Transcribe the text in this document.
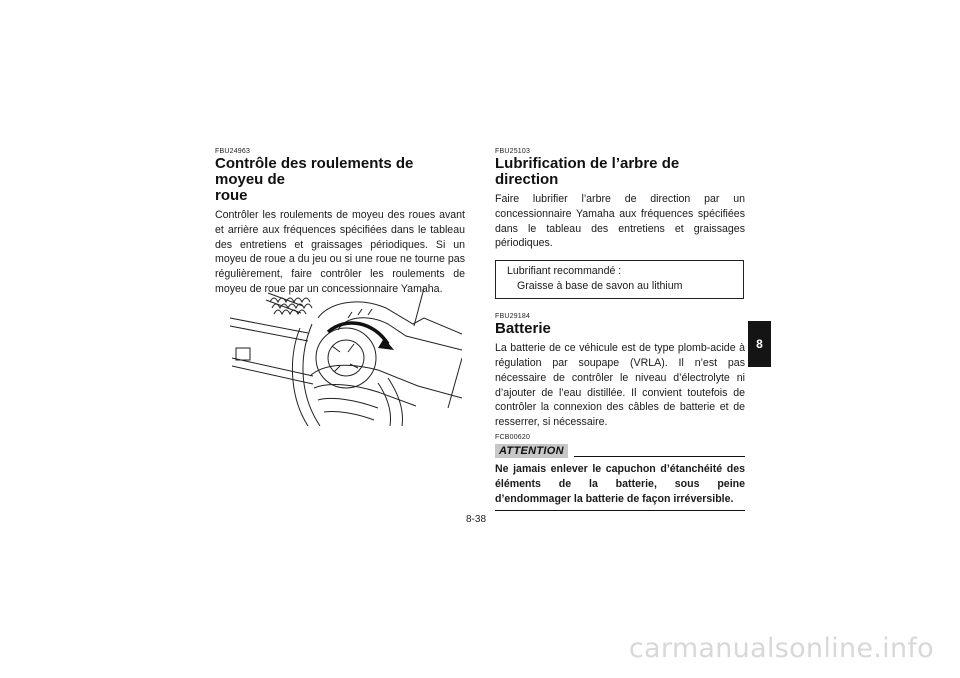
FBU24963
Contrôle des roulements de moyeu de
roue

Contrôler les roulements de moyeu des roues avant et arrière aux fréquences spécifiées dans le tableau des entretiens et graissages périodiques. Si un moyeu de roue a du jeu ou si une roue ne tourne pas régulièrement, faire contrôler les roulements de moyeu de roue par un concessionnaire Yamaha.

FBU25103
Lubrification de l’arbre de direction

Faire lubrifier l’arbre de direction par un concessionnaire Yamaha aux fréquences spécifiées dans le tableau des entretiens et graissages périodiques.

Lubrifiant recommandé :
Graisse à base de savon au lithium
FBU29184
Batterie

La batterie de ce véhicule est de type plomb-acide à régulation par soupape (VRLA). Il n’est pas nécessaire de contrôler le niveau d’électrolyte ni d’ajouter de l’eau distillée. Il convient toutefois de contrôler la connexion des câbles de batterie et de resserrer, si nécessaire.

FCB00620
ATTENTION

Ne jamais enlever le capuchon d’étanchéité des éléments de la batterie, sous peine d’endommager la batterie de façon irréversible.

8
8-38
carmanualsonline.info
